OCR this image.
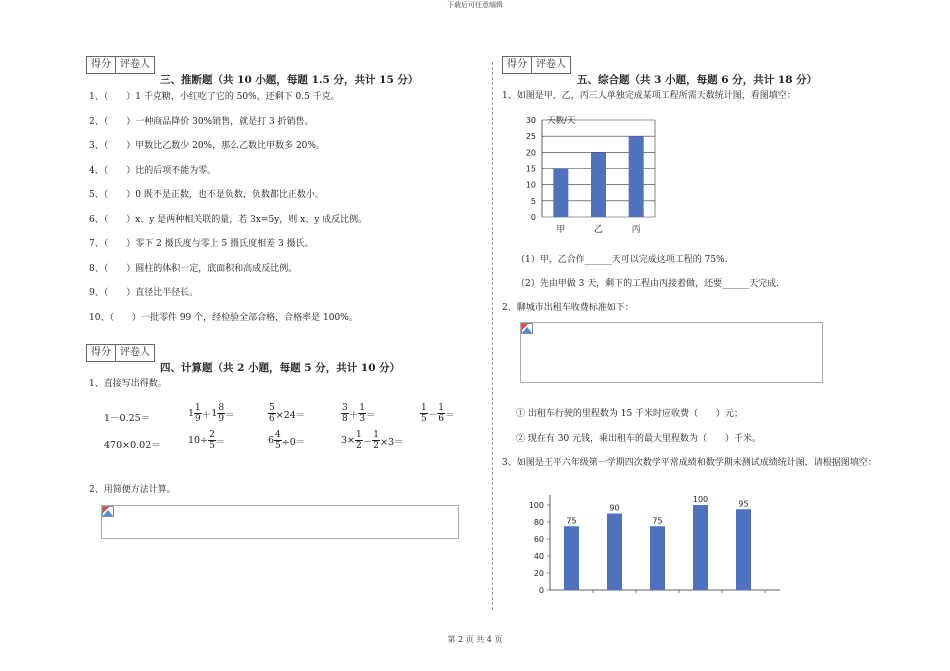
下载后可任意编辑
得分 评卷人
三、推断题（共 10 小题，每题 1.5 分，共计 15 分）
1、（　　）1 千克糖，小红吃了它的 50%，还剩下 0.5 千克。
2、（　　）一种商品降价 30%销售，就是打 3 折销售。
3、（　　）甲数比乙数少 20%，那么乙数比甲数多 20%。
4、（　　）比的后项不能为零。
5、（　　）0 既不是正数，也不是负数，负数都比正数小。
6、（　　）x、y 是两种相关联的量，若 3x=5y，则 x、y 成反比例。
7、（　　）零下 2 摄氏度与零上 5 摄氏度相差 3 摄氏。
8、（　　）圆柱的体积一定，底面积和高成反比例。
9、（　　）直径比半径长。
10、（　　）一批零件 99 个，经检验全部合格，合格率是 100%。
得分 评卷人
四、计算题（共 2 小题，每题 5 分，共计 10 分）
1、直接写出得数。
1－0.25＝	$1 \frac{1}{9} + 1 \frac{8}{9}$ ＝	$\frac{5}{6} \times 24=$	$\frac{3}{8} + \frac{1}{3}$ ＝	$\frac{1}{5} - \frac{1}{6}$ ＝
470×0.02＝	$10\div \frac{2}{5}$ ＝	$6 \frac{4}{5} \div 0=$	$3\times \frac{1}{2} - \frac{1}{2} \times 3=$
2、用简便方法计算。
得分 评卷人
五、综合题（共 3 小题，每题 6 分，共计 18 分）
1、如图是甲，乙，丙三人单独完成某项工程所需天数统计图，看图填空：
0
5
10
15
20
25
30 天数/天
甲	乙	丙
（1）甲，乙合作______天可以完成这项工程的 75%.
（2）先由甲做 3 天，剩下的工程由丙接着做，还要______天完成.
2、聊城市出租车收费标准如下：
① 出租车行驶的里程数为 15 千米时应收费（　　）元；
② 现在有 30 元钱，乘出租车的最大里程数为（　　）千米。
3、如图是王平六年级第一学期四次数学平常成绩和数学期末测试成绩统计图．请根据图填空：
0
20
40
60
80
100
75
90
75
100	95
第 2 页 共 4 页
